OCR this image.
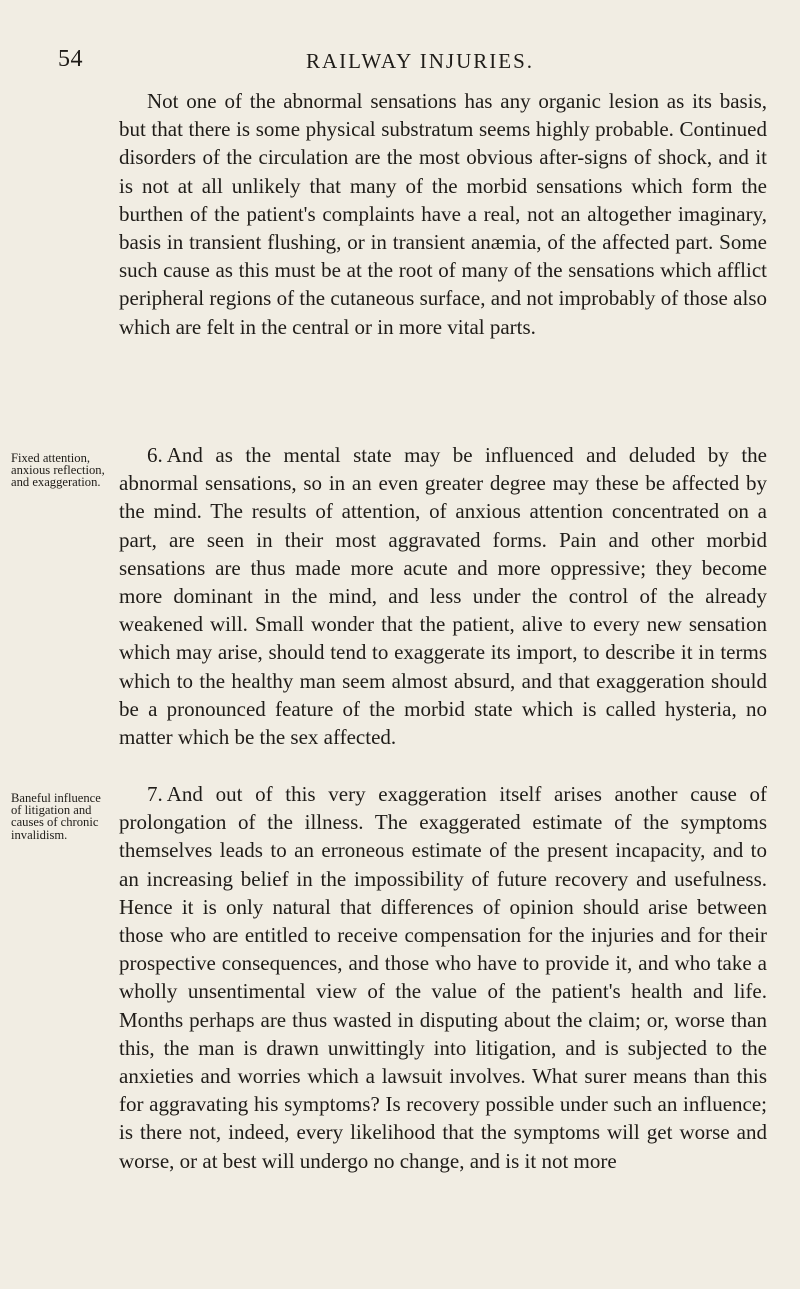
54	RAILWAY INJURIES.

Not one of the abnormal sensations has any organic lesion as its basis, but that there is some physical substratum seems highly probable. Continued disorders of the circulation are the most obvious after-signs of shock, and it is not at all unlikely that many of the morbid sensations which form the burthen of the patient's complaints have a real, not an altogether imaginary, basis in transient flushing, or in transient anæmia, of the affected part. Some such cause as this must be at the root of many of the sensations which afflict peripheral regions of the cutaneous surface, and not improbably of those also which are felt in the central or in more vital parts.

Fixed attention, anxious reflection, and exaggeration.

6. And as the mental state may be influenced and deluded by the abnormal sensations, so in an even greater degree may these be affected by the mind. The results of attention, of anxious attention concentrated on a part, are seen in their most aggravated forms. Pain and other morbid sensations are thus made more acute and more oppressive; they become more dominant in the mind, and less under the control of the already weakened will. Small wonder that the patient, alive to every new sensation which may arise, should tend to exaggerate its import, to describe it in terms which to the healthy man seem almost absurd, and that exaggeration should be a pronounced feature of the morbid state which is called hysteria, no matter which be the sex affected.

Baneful influence of litigation and causes of chronic invalidism.

7. And out of this very exaggeration itself arises another cause of prolongation of the illness. The exaggerated estimate of the symptoms themselves leads to an erroneous estimate of the present incapacity, and to an increasing belief in the impossibility of future recovery and usefulness. Hence it is only natural that differences of opinion should arise between those who are entitled to receive compensation for the injuries and for their prospective consequences, and those who have to provide it, and who take a wholly unsentimental view of the value of the patient's health and life. Months perhaps are thus wasted in disputing about the claim; or, worse than this, the man is drawn unwittingly into litigation, and is subjected to the anxieties and worries which a lawsuit involves. What surer means than this for aggravating his symptoms? Is recovery possible under such an influence; is there not, indeed, every likelihood that the symptoms will get worse and worse, or at best will undergo no change, and is it not more
